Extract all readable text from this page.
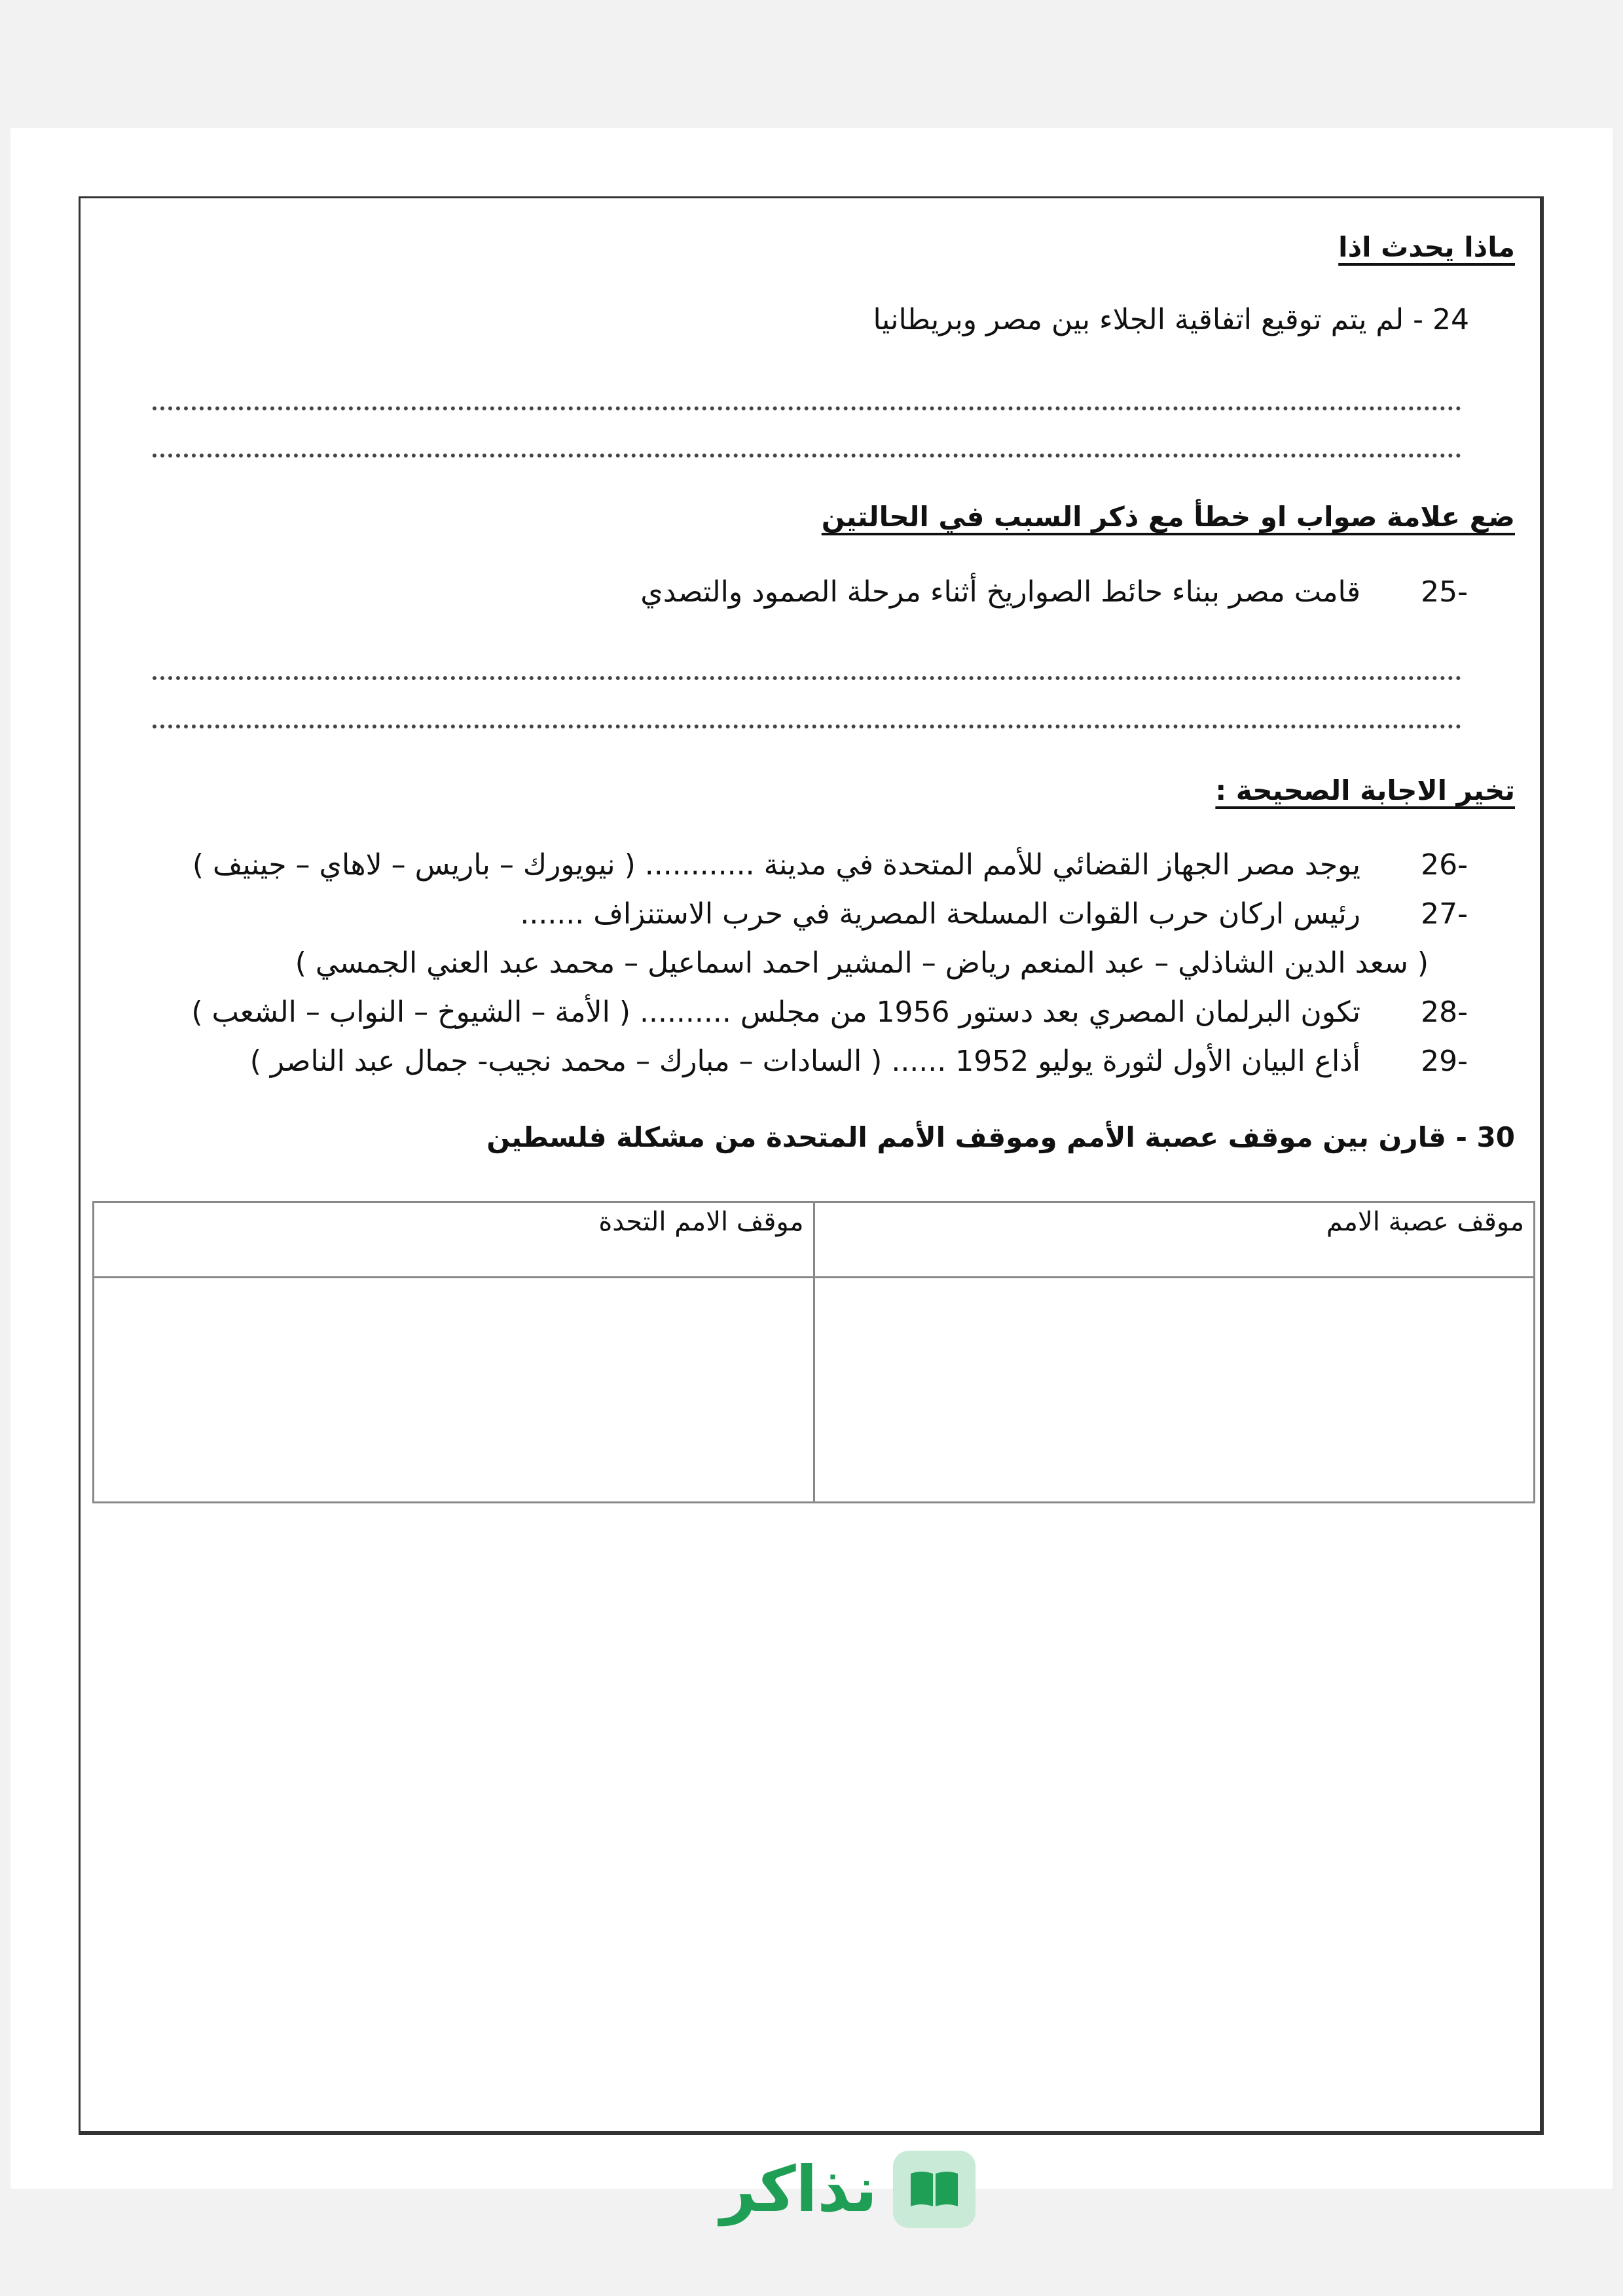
ماذا يحدث اذا
24 - لم يتم توقيع اتفاقية الجلاء بين مصر وبريطانيا
ضع علامة صواب او خطأ مع ذكر السبب في الحالتين
-25 قامت مصر ببناء حائط الصواريخ أثناء مرحلة الصمود والتصدي
تخير الاجابة الصحيحة :
-26 يوجد مصر الجهاز القضائي للأمم المتحدة في مدينة ............ ( نيويورك – باريس – لاهاي – جينيف )
-27 رئيس اركان حرب القوات المسلحة المصرية في حرب الاستنزاف .......
( سعد الدين الشاذلي – عبد المنعم رياض – المشير احمد اسماعيل – محمد عبد العني الجمسي )
-28 تكون البرلمان المصري بعد دستور 1956 من مجلس .......... ( الأمة – الشيوخ – النواب – الشعب )
-29 أذاع البيان الأول لثورة يوليو 1952 ...... ( السادات – مبارك – محمد نجيب- جمال عبد الناصر )
30 - قارن بين موقف عصبة الأمم وموقف الأمم المتحدة من مشكلة فلسطين
موقف عصبة الامم	موقف الامم التحدة

نذاكر
